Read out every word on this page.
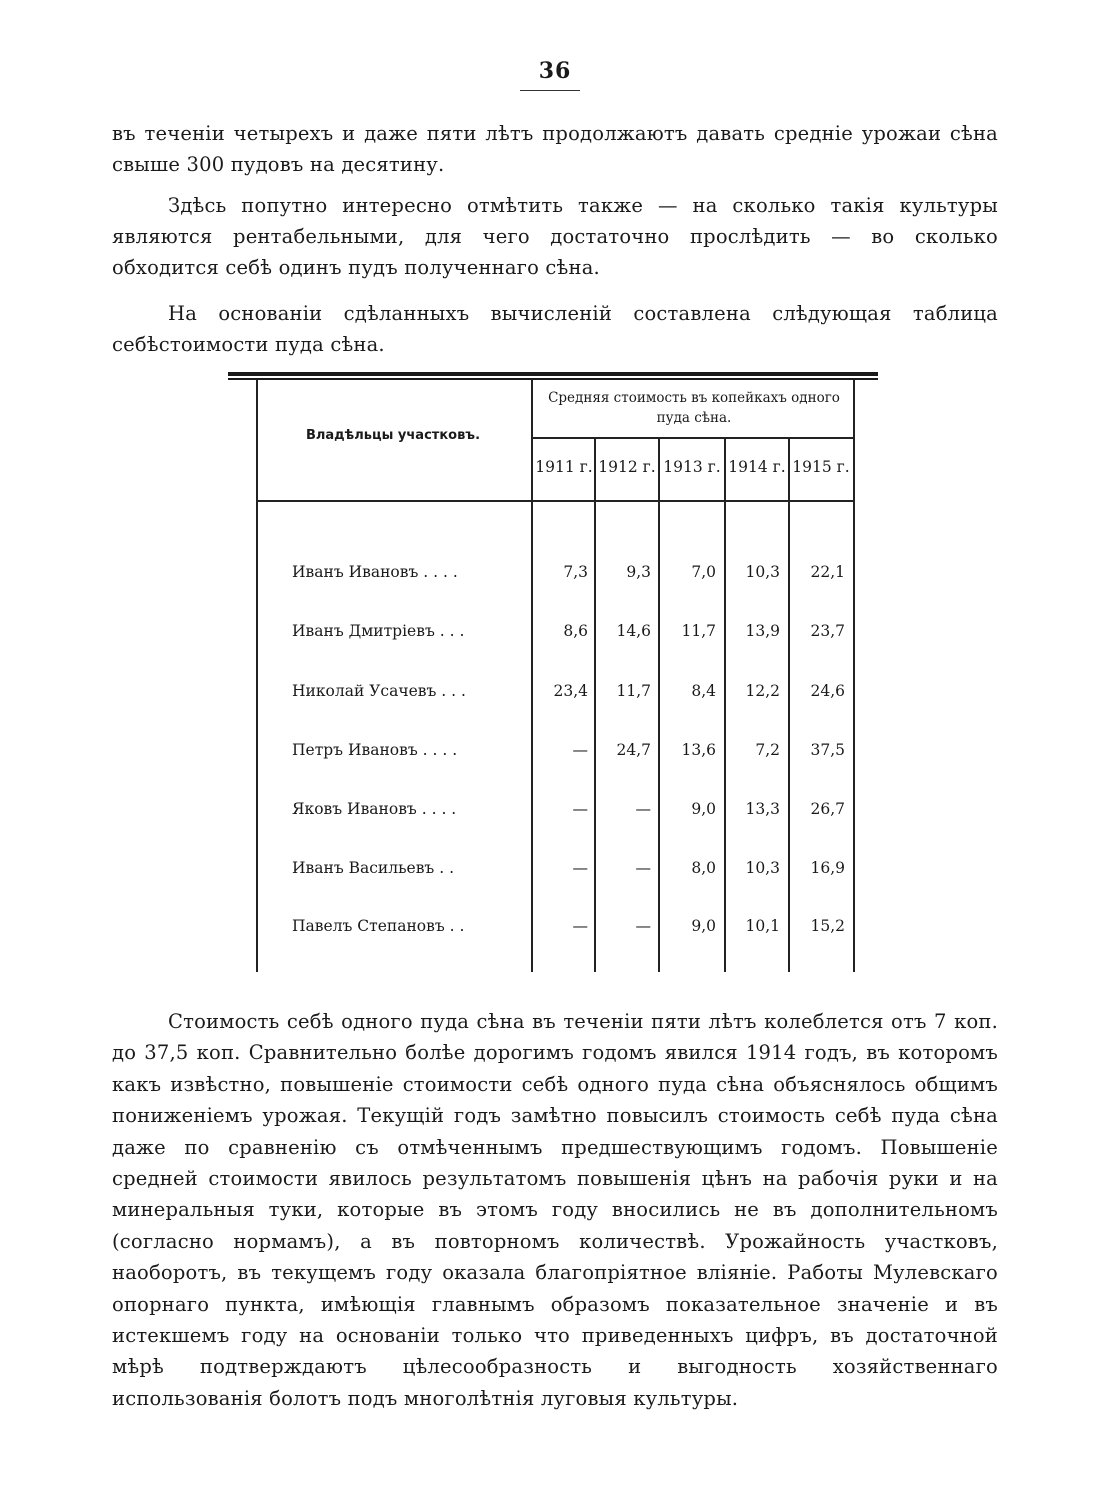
36
въ теченіи четырехъ и даже пяти лѣтъ продолжаютъ давать средніе урожаи сѣна свыше 300 пудовъ на десятину.
Здѣсь попутно интересно отмѣтить также — на сколько такія культуры являются рентабельными, для чего достаточно прослѣдить — во сколько обходится себѣ одинъ пудъ полученнаго сѣна.
На основаніи сдѣланныхъ вычисленій составлена слѣдующая таблица себѣстоимости пуда сѣна.
Владѣльцы участковъ.
Средняя стоимость въ копейкахъ одного пуда сѣна.
1911 г. 1912 г. 1913 г. 1914 г. 1915 г.
Иванъ Ивановъ . . . .	7,3	9,3	7,0	10,3	22,1
Иванъ Дмитріевъ . . .	8,6	14,6	11,7	13,9	23,7
Николай Усачевъ . . .	23,4	11,7	8,4	12,2	24,6
Петръ Ивановъ . . . .	—	24,7	13,6	7,2	37,5
Яковъ Ивановъ . . . .	—	—	9,0	13,3	26,7
Иванъ Васильевъ . .	—	—	8,0	10,3	16,9
Павелъ Степановъ . .	—	—	9,0	10,1	15,2
Стоимость себѣ одного пуда сѣна въ теченіи пяти лѣтъ колеблется отъ 7 коп. до 37,5 коп. Сравнительно болѣе дорогимъ годомъ явился 1914 годъ, въ которомъ какъ извѣстно, повышеніе стоимости себѣ одного пуда сѣна объяснялось общимъ пониженіемъ урожая. Текущій годъ замѣтно повысилъ стоимость себѣ пуда сѣна даже по сравненію съ отмѣченнымъ предшествующимъ годомъ. Повышеніе средней стоимости явилось результатомъ повышенія цѣнъ на рабочія руки и на минеральныя туки, которые въ этомъ году вносились не въ дополнительномъ (согласно нормамъ), а въ повторномъ количествѣ. Урожайность участковъ, наоборотъ, въ текущемъ году оказала благопріятное вліяніе. Работы Мулевскаго опорнаго пункта, имѣющія главнымъ образомъ показательное значеніе и въ истекшемъ году на основаніи только что приведенныхъ цифръ, въ достаточной мѣрѣ подтверждаютъ цѣлесообразность и выгодность хозяйственнаго использованія болотъ подъ многолѣтнія луговыя культуры.
